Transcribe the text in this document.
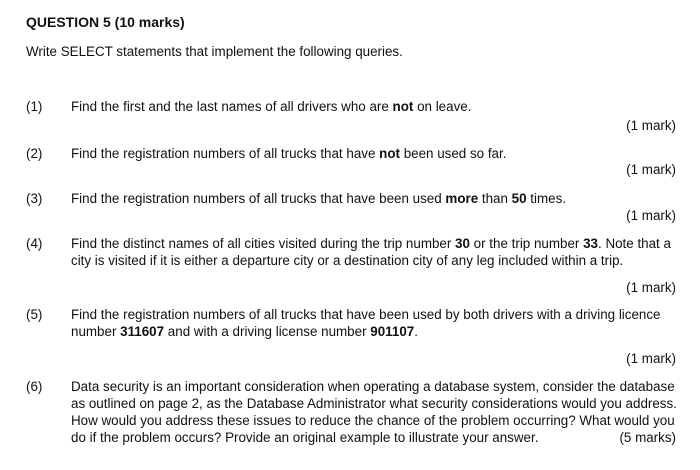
QUESTION 5 (10 marks)
Write SELECT statements that implement the following queries.
(1) Find the first and the last names of all drivers who are not on leave.
(1 mark)
(2) Find the registration numbers of all trucks that have not been used so far.
(1 mark)
(3) Find the registration numbers of all trucks that have been used more than 50 times.
(1 mark)
(4) Find the distinct names of all cities visited during the trip number 30 or the trip number 33. Note that a city is visited if it is either a departure city or a destination city of any leg included within a trip.
(1 mark)
(5) Find the registration numbers of all trucks that have been used by both drivers with a driving licence number 311607 and with a driving license number 901107.
(1 mark)
(6) Data security is an important consideration when operating a database system, consider the database as outlined on page 2, as the Database Administrator what security considerations would you address. How would you address these issues to reduce the chance of the problem occurring? What would you do if the problem occurs? Provide an original example to illustrate your answer.	(5 marks)
